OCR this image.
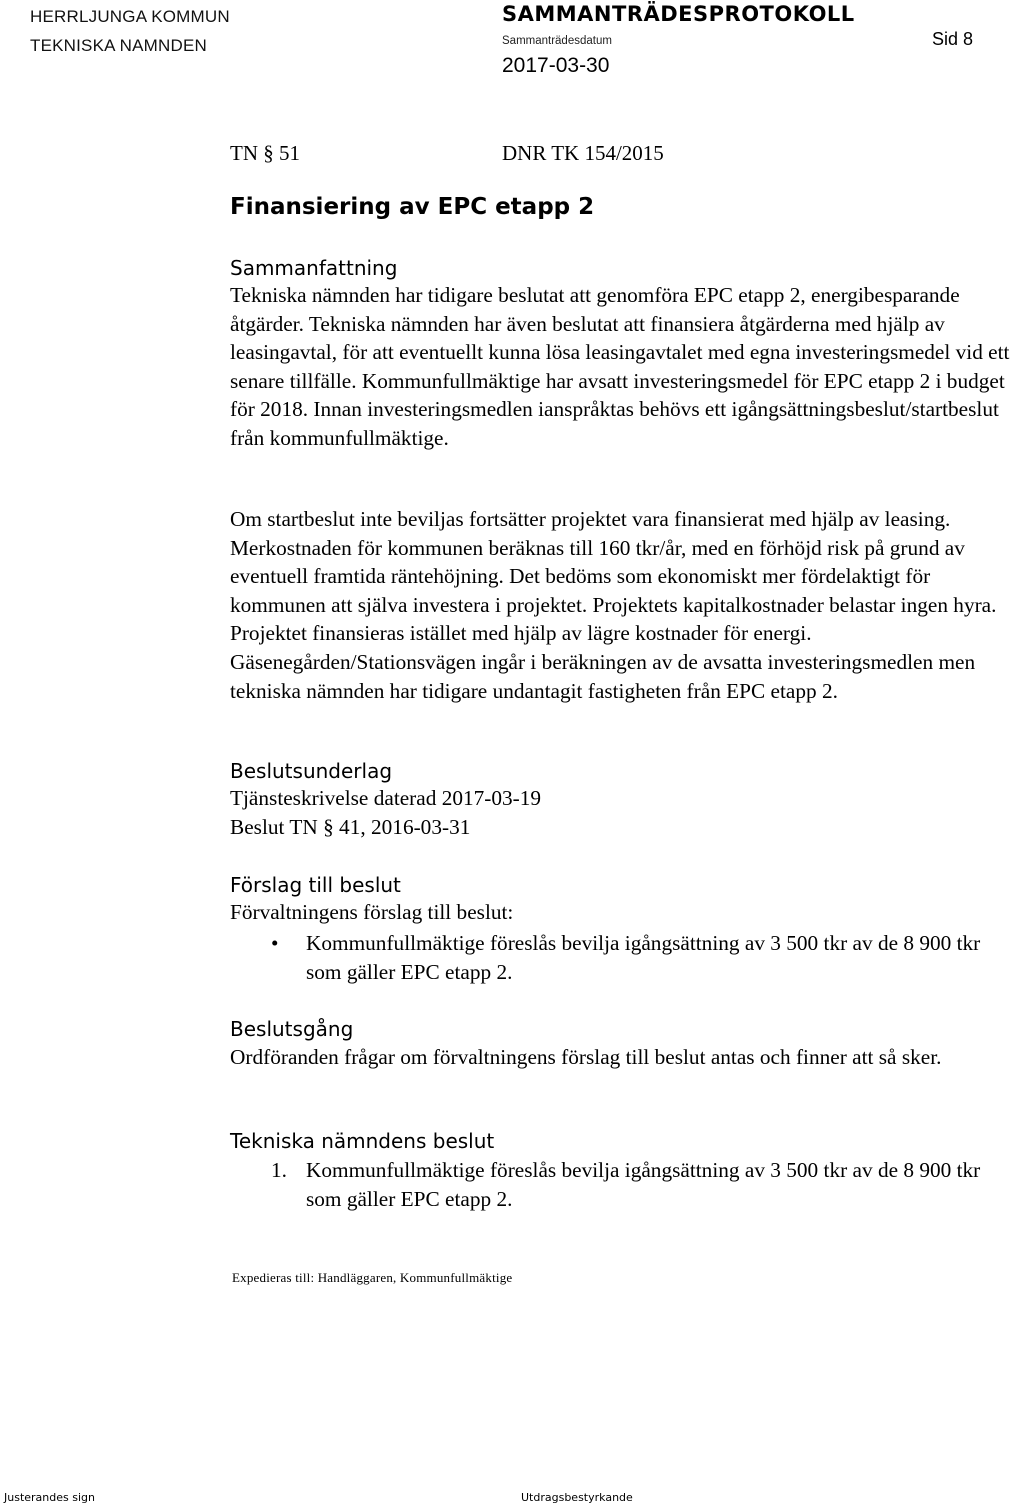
HERRLJUNGA KOMMUN
TEKNISKA NAMNDEN
SAMMANTRÄDESPROTOKOLL
Sammanträdesdatum
2017-03-30
Sid 8
TN § 51	DNR TK 154/2015
Finansiering av EPC etapp 2
Sammanfattning

Tekniska nämnden har tidigare beslutat att genomföra EPC etapp 2, energibesparande åtgärder. Tekniska nämnden har även beslutat att finansiera åtgärderna med hjälp av leasingavtal, för att eventuellt kunna lösa leasingavtalet med egna investeringsmedel vid ett senare tillfälle. Kommunfullmäktige har avsatt investeringsmedel för EPC etapp 2 i budget för 2018. Innan investeringsmedlen ianspråktas behövs ett igångsättningsbeslut/startbeslut från kommunfullmäktige.

Om startbeslut inte beviljas fortsätter projektet vara finansierat med hjälp av leasing. Merkostnaden för kommunen beräknas till 160 tkr/år, med en förhöjd risk på grund av eventuell framtida räntehöjning. Det bedöms som ekonomiskt mer fördelaktigt för kommunen att själva investera i projektet. Projektets kapitalkostnader belastar ingen hyra. Projektet finansieras istället med hjälp av lägre kostnader för energi. Gäsenegården/Stationsvägen ingår i beräkningen av de avsatta investeringsmedlen men tekniska nämnden har tidigare undantagit fastigheten från EPC etapp 2.

Beslutsunderlag
Tjänsteskrivelse daterad 2017-03-19
Beslut TN § 41, 2016-03-31
Förslag till beslut
Förvaltningens förslag till beslut:
• Kommunfullmäktige föreslås bevilja igångsättning av 3 500 tkr av de 8 900 tkr som gäller EPC etapp 2.
Beslutsgång

Ordföranden frågar om förvaltningens förslag till beslut antas och finner att så sker.

Tekniska nämndens beslut
1. Kommunfullmäktige föreslås bevilja igångsättning av 3 500 tkr av de 8 900 tkr som gäller EPC etapp 2.
Expedieras till: Handläggaren, Kommunfullmäktige
Justerandes sign	Utdragsbestyrkande
